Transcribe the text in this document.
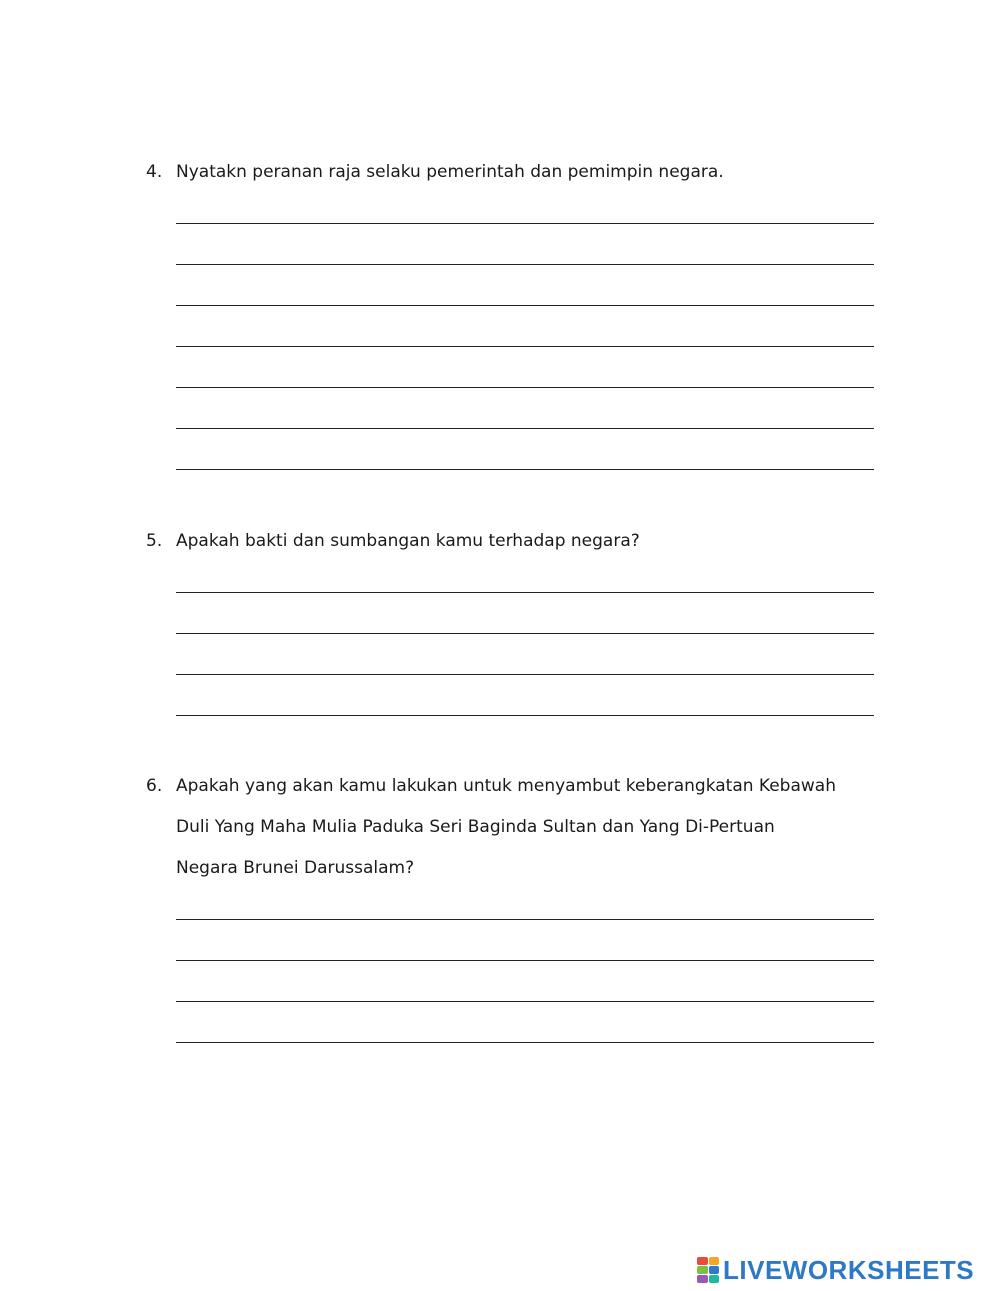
4. Nyatakn peranan raja selaku pemerintah dan pemimpin negara.
5. Apakah bakti dan sumbangan kamu terhadap negara?
6. Apakah yang akan kamu lakukan untuk menyambut keberangkatan Kebawah
Duli Yang Maha Mulia Paduka Seri Baginda Sultan dan Yang Di-Pertuan
Negara Brunei Darussalam?
LIVEWORKSHEETS
